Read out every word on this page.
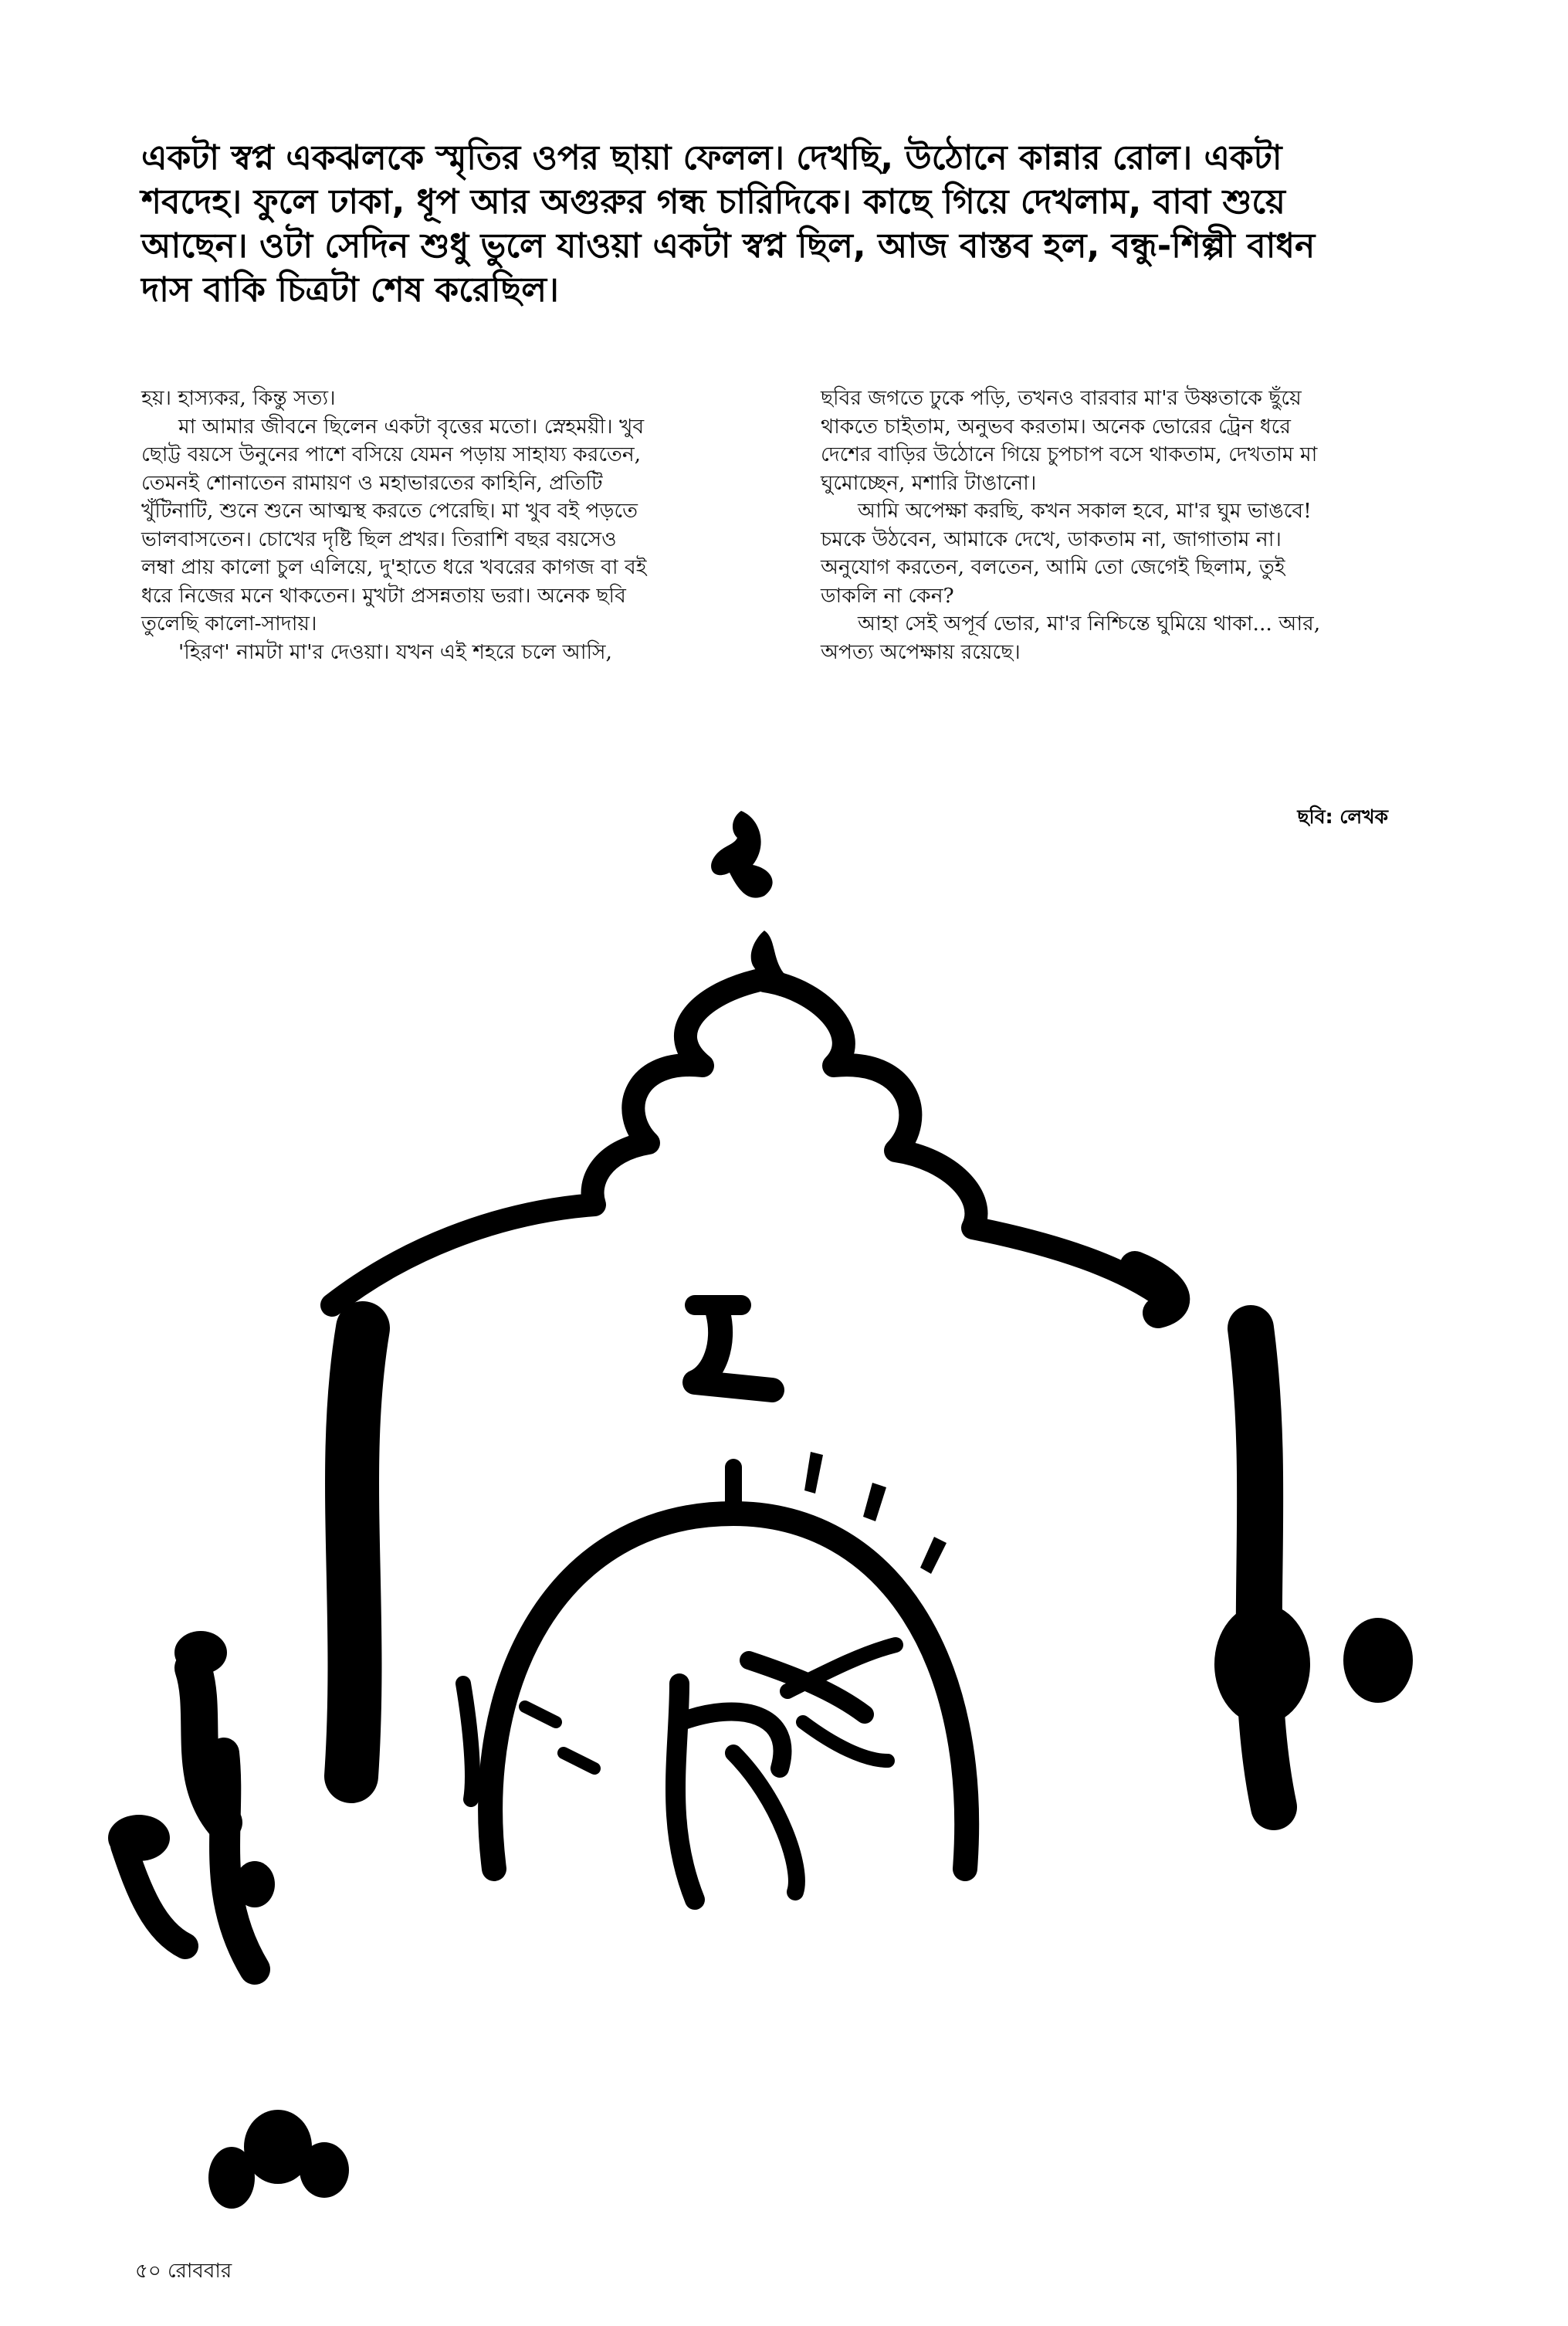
একটা স্বপ্ন একঝলকে স্মৃতির ওপর ছায়া ফেলল। দেখছি, উঠোনে কান্নার রোল। একটা
শবদেহ। ফুলে ঢাকা, ধূপ আর অগুরুর গন্ধ চারিদিকে। কাছে গিয়ে দেখলাম, বাবা শুয়ে
আছেন। ওটা সেদিন শুধু ভুলে যাওয়া একটা স্বপ্ন ছিল, আজ বাস্তব হল, বন্ধু-শিল্পী বাধন
দাস বাকি চিত্রটা শেষ করেছিল।

হয়। হাস্যকর, কিন্তু সত্য।

মা আমার জীবনে ছিলেন একটা বৃত্তের মতো। স্নেহময়ী। খুব

ছোট্ট বয়সে উনুনের পাশে বসিয়ে যেমন পড়ায় সাহায্য করতেন,

তেমনই শোনাতেন রামায়ণ ও মহাভারতের কাহিনি, প্রতিটি

খুঁটিনাটি, শুনে শুনে আত্মস্থ করতে পেরেছি। মা খুব বই পড়তে

ভালবাসতেন। চোখের দৃষ্টি ছিল প্রখর। তিরাশি বছর বয়সেও

লম্বা প্রায় কালো চুল এলিয়ে, দু'হাতে ধরে খবরের কাগজ বা বই

ধরে নিজের মনে থাকতেন। মুখটা প্রসন্নতায় ভরা। অনেক ছবি

তুলেছি কালো-সাদায়।

'হিরণ' নামটা মা'র দেওয়া। যখন এই শহরে চলে আসি,

ছবির জগতে ঢুকে পড়ি, তখনও বারবার মা'র উষ্ণতাকে ছুঁয়ে

থাকতে চাইতাম, অনুভব করতাম। অনেক ভোরের ট্রেন ধরে

দেশের বাড়ির উঠোনে গিয়ে চুপচাপ বসে থাকতাম, দেখতাম মা

ঘুমোচ্ছেন, মশারি টাঙানো।

আমি অপেক্ষা করছি, কখন সকাল হবে, মা'র ঘুম ভাঙবে!

চমকে উঠবেন, আমাকে দেখে, ডাকতাম না, জাগাতাম না।

অনুযোগ করতেন, বলতেন, আমি তো জেগেই ছিলাম, তুই

ডাকলি না কেন?

আহা সেই অপূর্ব ভোর, মা'র নিশ্চিন্তে ঘুমিয়ে থাকা... আর,

অপত্য অপেক্ষায় রয়েছে।

ছবি: লেখক
৫০ রোববার
